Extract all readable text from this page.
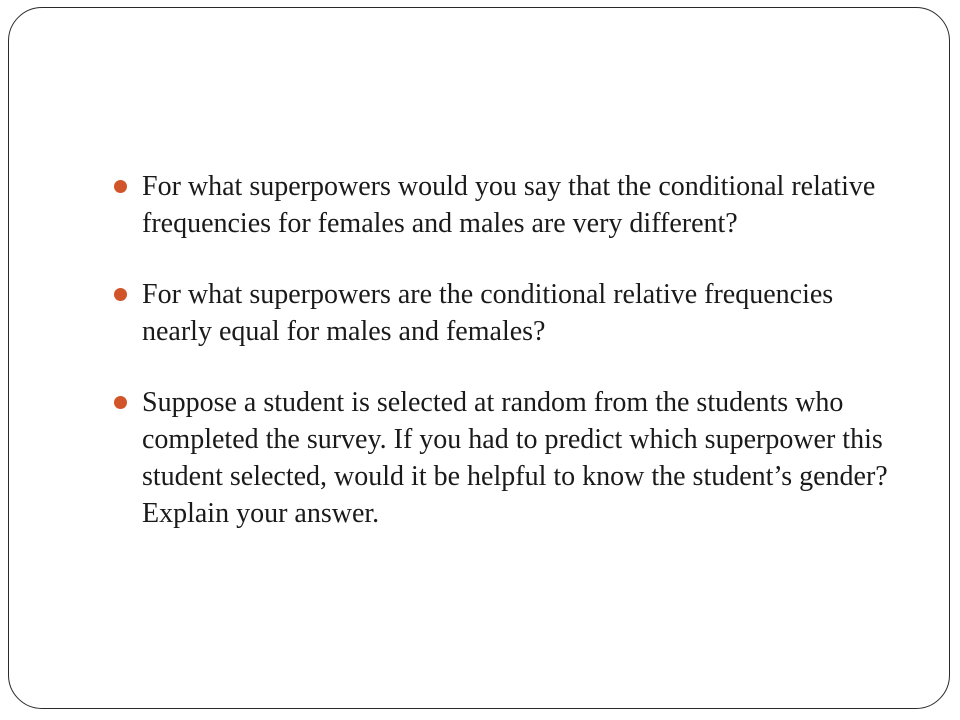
For what superpowers would you say that the conditional relative frequencies for females and males are very different?
For what superpowers are the conditional relative frequencies nearly equal for males and females?
Suppose a student is selected at random from the students who completed the survey. If you had to predict which superpower this student selected, would it be helpful to know the student’s gender? Explain your answer.
